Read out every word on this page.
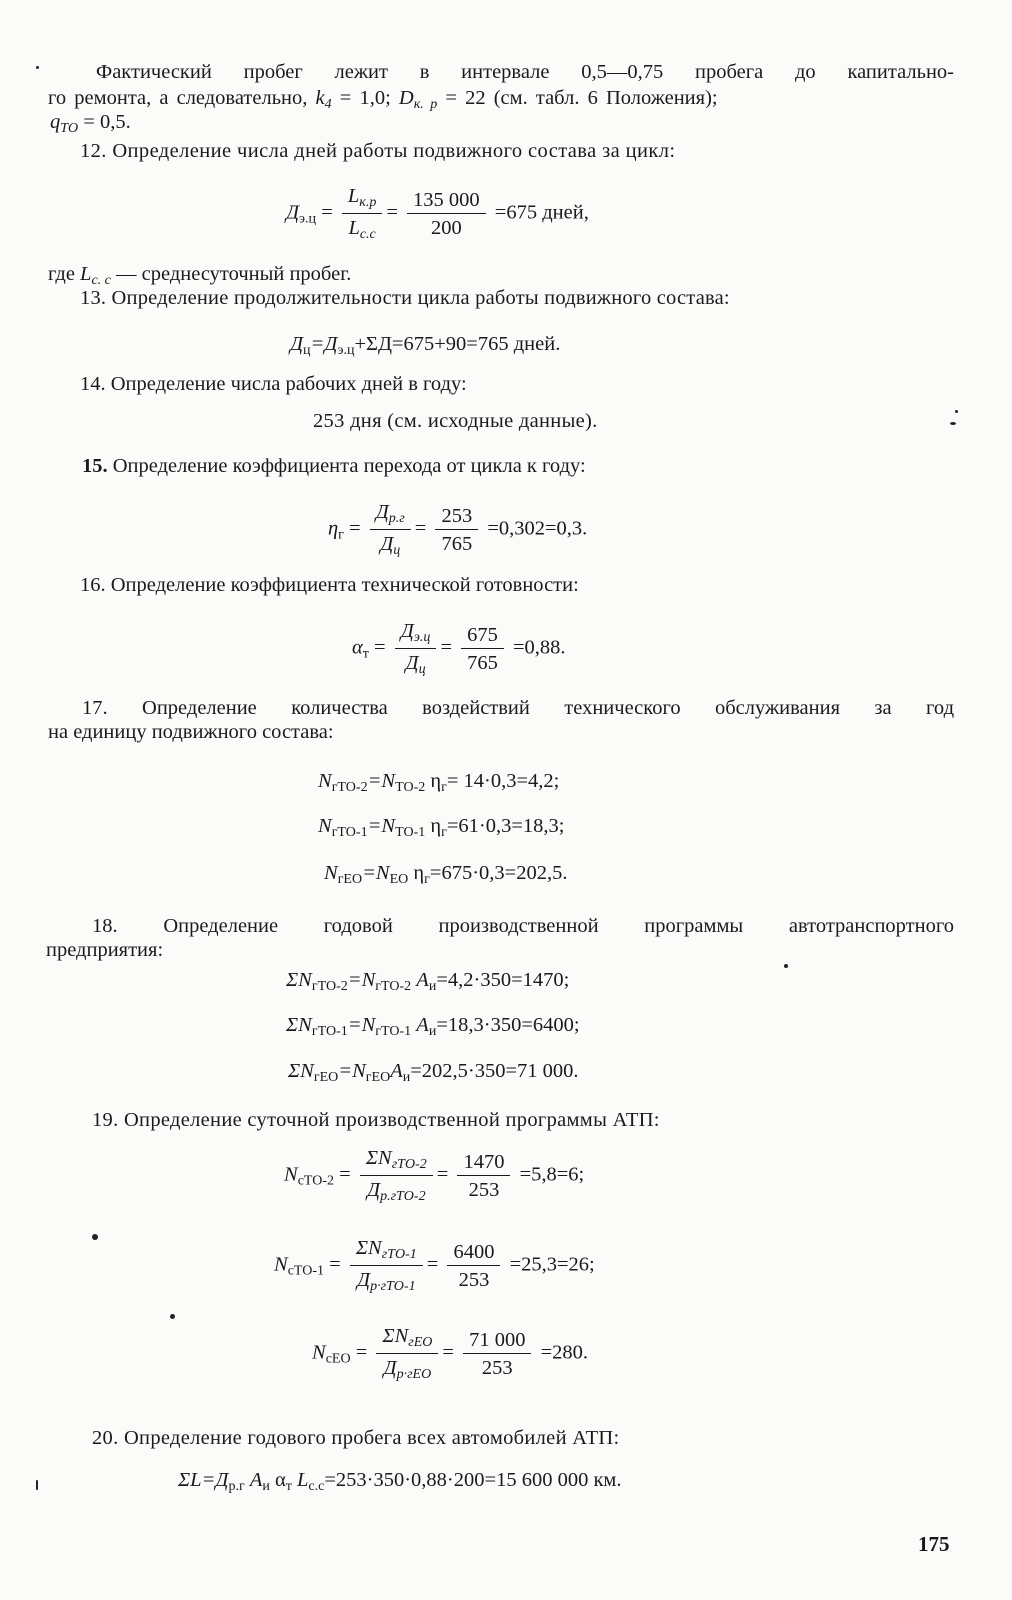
Фактический пробег лежит в интервале 0,5—0,75 пробега до капитально-
го ремонта, а следовательно, $k_4 = 1,0$; $D_{к. р} = 22$ (см. табл. 6 Положения);
$q_{ТО} = 0,5$.
12. Определение числа дней работы подвижного состава за цикл:
$Д_{э.ц} = \frac{L_{к.р}}{L_{с.с}} = \frac{135 000}{200} =675$ дней,
где $L_{с. с}$ — среднесуточный пробег.
13. Определение продолжительности цикла работы подвижного состава:
$Д_ц=Д_{э.ц}+\Sigma Д=675+90=765$ дней.
14. Определение числа рабочих дней в году:
253 дня (см. исходные данные).
15. Определение коэффициента перехода от цикла к году:
$\eta_г = \frac{Д_{р.г}}{Д_ц} = \frac{253}{765} =0,302=0,3$.
16. Определение коэффициента технической готовности:
$\alpha_т = \frac{Д_{э.ц}}{Д_ц} = \frac{675}{765} =0,88$.
17. Определение количества воздействий технического обслуживания за год
на единицу подвижного состава:
$N_{гТО-2}=N_{ТО-2}$ $\eta_г= 14\cdot 0,3=4,2$;
$N_{гТО-1}=N_{ТО-1}$ $\eta_г=61\cdot 0,3=18,3$;
$N_{гЕО}=N_{ЕО}$ $\eta_г=675\cdot 0,3=202,5$.
18. Определение годовой производственной программы автотранспортного
предприятия:
$\Sigma N_{гТО-2}=N_{гТО-2}$ $A_и=4,2\cdot 350=1470$;
$\Sigma N_{гТО-1}=N_{гТО-1}$ $A_и=18,3\cdot 350=6400$;
$\Sigma N_{гЕО}=N_{гЕО}A_и=202,5\cdot 350=71$ 000.
19. Определение суточной производственной программы АТП:
$N_{сТО-2} = \frac{\Sigma N_{гТО-2}}{Д_{р.гТО-2}} = \frac{1470}{253} =5,8=6$;
$N_{сТО-1} = \frac{\Sigma N_{гТО-1}}{Д_{р\cdot гТО-1}} = \frac{6400}{253} =25,3=26$;
$N_{сЕО} = \frac{\Sigma N_{гЕО}}{Д_{р\cdot гЕО}} = \frac{71 000}{253} =280$.
20. Определение годового пробега всех автомобилей АТП:
$\Sigma L=Д_{р.г}$ $A_и$ $\alpha_т$ $L_{с.с}=253\cdot 350\cdot 0,88\cdot 200=15$ 600 000 км.
175
